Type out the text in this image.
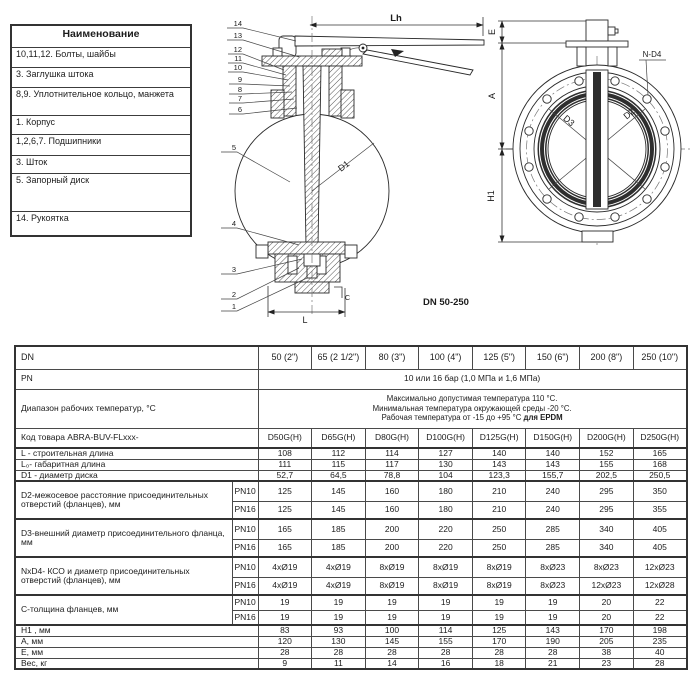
Lh
L
C
D1
14
13
12
11
10
9
8
7
6
5
4
3
2
1	DN 50-250
E
A
H1
D2
D3
N-D4
Наименование
10,11,12. Болты, шайбы
3. Заглушка штока
8,9. Уплотнительное кольцо, манжета
1. Корпус
1,2,6,7. Подшипники
3. Шток
5. Запорный диск
14. Рукоятка
DN		50 (2")	65 (2 1/2")	80 (3")	100 (4")	125 (5")	150 (6")	200 (8")	250 (10")
PN		10 или 16 бар (1,0 МПа и 1,6 МПа)							
Диапазон рабочих температур, °С		Максимально допустимая температура 110 °С.
Минимальная температура окружающей среды -20 °С.
Рабочая температура от -15 до +95 °С для EPDM							

Код товара ABRA-BUV-FLxxx-		D50G(H)	D65G(H)	D80G(H)	D100G(H)	D125G(H)	D150G(H)	D200G(H)	D250G(H)
L - строительная длина		108	112	114	127	140	140	152	165
L₀- габаритная длина		111	115	117	130	143	143	155	168
D1 - диаметр диска		52,7	64,5	78,8	104	123,3	155,7	202,5	250,5
D2-межосевое расстояние присоединительных отверстий (фланцев), мм	PN10	125	145	160	180	210	240	295	350
	PN16	125	145	160	180	210	240	295	355
D3-внешний диаметр присоединительного фланца, мм	PN10	165	185	200	220	250	285	340	405
	PN16	165	185	200	220	250	285	340	405
NxD4- КСО и диаметр присоединительных отверстий (фланцев), мм	PN10	4xØ19	4xØ19	8xØ19	8xØ19	8xØ19	8xØ23	8xØ23	12xØ23
	PN16	4xØ19	4xØ19	8xØ19	8xØ19	8xØ19	8xØ23	12xØ23	12xØ28
С-толщина фланцев, мм	PN10	19	19	19	19	19	19	20	22
	PN16	19	19	19	19	19	19	20	22
H1 , мм		83	93	100	114	125	143	170	198
А, мм		120	130	145	155	170	190	205	235
Е, мм		28	28	28	28	28	28	38	40
Вес, кг		9	11	14	16	18	21	23	28
